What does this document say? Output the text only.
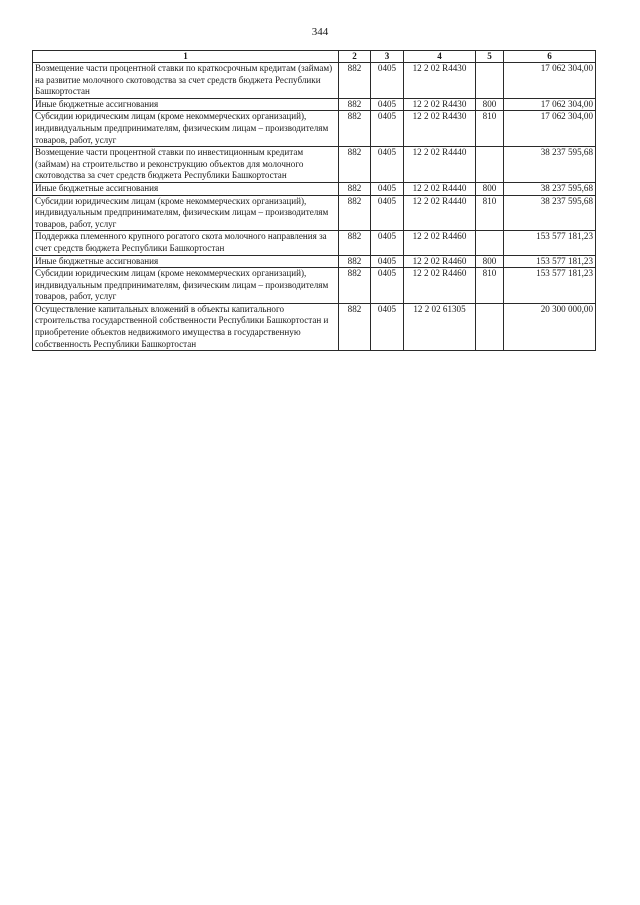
344
1	2	3	4	5	6
Возмещение части процентной ставки по краткосрочным кредитам (займам) на развитие молочного скотоводства за счет средств бюджета Республики Башкортостан	882	0405	12 2 02 R4430		17 062 304,00
Иные бюджетные ассигнования	882	0405	12 2 02 R4430	800	17 062 304,00
Субсидии юридическим лицам (кроме некоммерческих организаций), индивидуальным предпринимателям, физическим лицам – производителям товаров, работ, услуг	882	0405	12 2 02 R4430	810	17 062 304,00
Возмещение части процентной ставки по инвестиционным кредитам (займам) на строительство и реконструкцию объектов для молочного скотоводства за счет средств бюджета Республики Башкортостан	882	0405	12 2 02 R4440		38 237 595,68
Иные бюджетные ассигнования	882	0405	12 2 02 R4440	800	38 237 595,68
Субсидии юридическим лицам (кроме некоммерческих организаций), индивидуальным предпринимателям, физическим лицам – производителям товаров, работ, услуг	882	0405	12 2 02 R4440	810	38 237 595,68
Поддержка племенного крупного рогатого скота молочного направления за счет средств бюджета Республики Башкортостан	882	0405	12 2 02 R4460		153 577 181,23
Иные бюджетные ассигнования	882	0405	12 2 02 R4460	800	153 577 181,23
Субсидии юридическим лицам (кроме некоммерческих организаций), индивидуальным предпринимателям, физическим лицам – производителям товаров, работ, услуг	882	0405	12 2 02 R4460	810	153 577 181,23
Осуществление капитальных вложений в объекты капитального строительства государственной собственности Республики Башкортостан и приобретение объектов недвижимого имущества в государственную собственность Республики Башкортостан	882	0405	12 2 02 61305		20 300 000,00
